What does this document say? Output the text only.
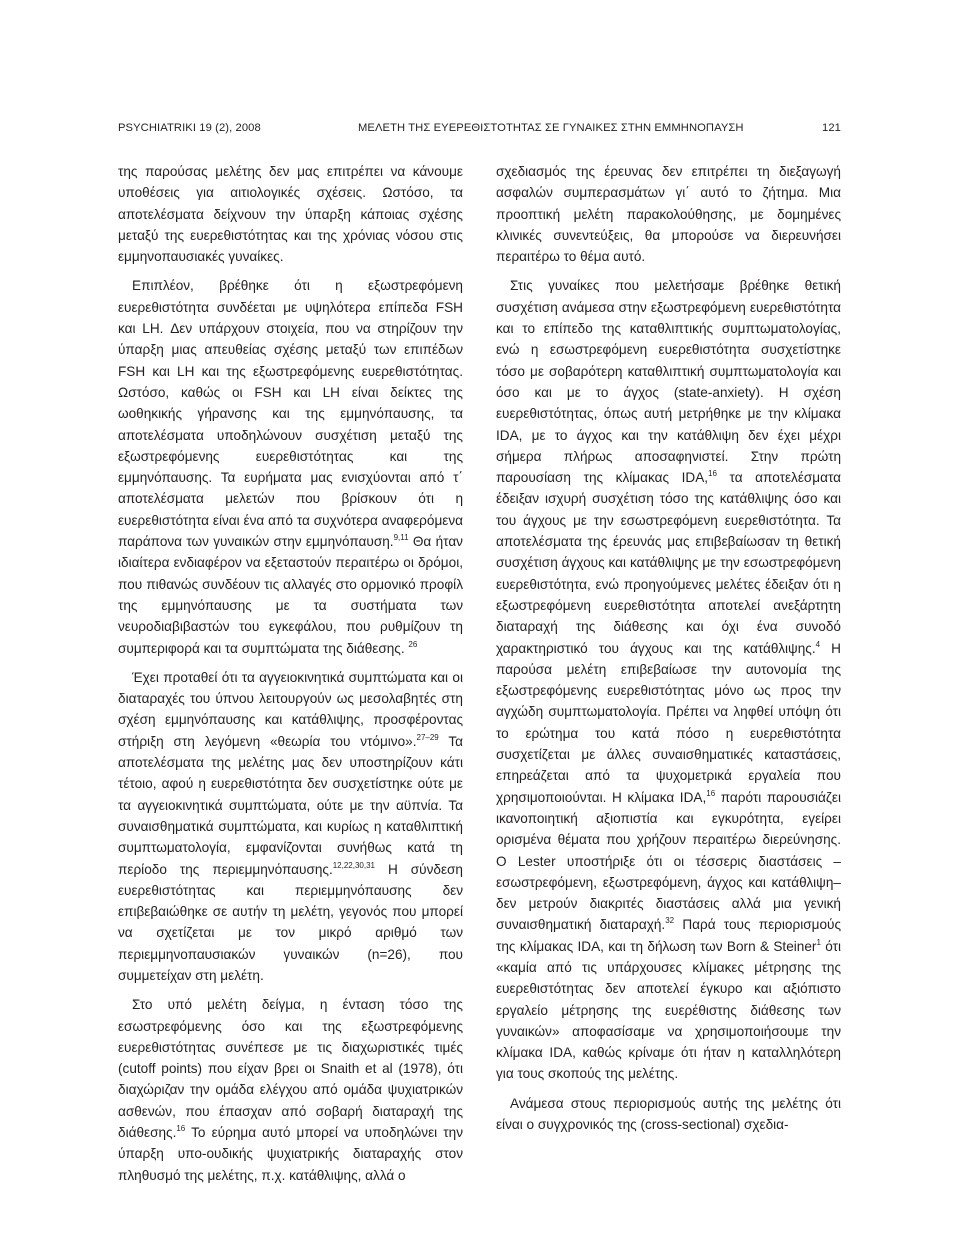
PSYCHIATRIKI 19 (2), 2008	ΜΕΛΕΤΗ ΤΗΣ ΕΥΕΡΕΘΙΣΤΟΤΗΤΑΣ ΣΕ ΓΥΝΑΙΚΕΣ ΣΤΗΝ ΕΜΜΗΝΟΠΑΥΣΗ	121

της παρούσας μελέτης δεν μας επιτρέπει να κάνουμε υποθέσεις για αιτιολογικές σχέσεις. Ωστόσο, τα αποτελέσματα δείχνουν την ύπαρξη κάποιας σχέσης μεταξύ της ευερεθιστότητας και της χρόνιας νόσου στις εμμηνοπαυσιακές γυναίκες.

Επιπλέον, βρέθηκε ότι η εξωστρεφόμενη ευερεθιστότητα συνδέεται με υψηλότερα επίπεδα FSH και LH. Δεν υπάρχουν στοιχεία, που να στηρίζουν την ύπαρξη μιας απευθείας σχέσης μεταξύ των επιπέδων FSH και LH και της εξωστρεφόμενης ευερεθιστότητας. Ωστόσο, καθώς οι FSH και LH είναι δείκτες της ωοθηκικής γήρανσης και της εμμηνόπαυσης, τα αποτελέσματα υποδηλώνουν συσχέτιση μεταξύ της εξωστρεφόμενης ευερεθιστότητας και της εμμηνόπαυσης. Τα ευρήματα μας ενισχύονται από τ΄ αποτελέσματα μελετών που βρίσκουν ότι η ευερεθιστότητα είναι ένα από τα συχνότερα αναφερόμενα παράπονα των γυναικών στην εμμηνόπαυση.$^{9,11}$ Θα ήταν ιδιαίτερα ενδιαφέρον να εξεταστούν περαιτέρω οι δρόμοι, που πιθανώς συνδέουν τις αλλαγές στο ορμονικό προφίλ της εμμηνόπαυσης με τα συστήματα των νευροδιαβιβαστών του εγκεφάλου, που ρυθμίζουν τη συμπεριφορά και τα συμπτώματα της διάθεσης. $^{26}$

Έχει προταθεί ότι τα αγγειοκινητικά συμπτώματα και οι διαταραχές του ύπνου λειτουργούν ως μεσολαβητές στη σχέση εμμηνόπαυσης και κατάθλιψης, προσφέροντας στήριξη στη λεγόμενη «θεωρία του ντόμινο».$^{27-29}$ Τα αποτελέσματα της μελέτης μας δεν υποστηρίζουν κάτι τέτοιο, αφού η ευερεθιστότητα δεν συσχετίστηκε ούτε με τα αγγειοκινητικά συμπτώματα, ούτε με την αϋπνία. Τα συναισθηματικά συμπτώματα, και κυρίως η καταθλιπτική συμπτωματολογία, εμφανίζονται συνήθως κατά τη περίοδο της περιεμμηνόπαυσης.$^{12,22,30,31}$ Η σύνδεση ευερεθιστότητας και περιεμμηνόπαυσης δεν επιβεβαιώθηκε σε αυτήν τη μελέτη, γεγονός που μπορεί να σχετίζεται με τον μικρό αριθμό των περιεμμηνοπαυσιακών γυναικών (n=26), που συμμετείχαν στη μελέτη.

Στο υπό μελέτη δείγμα, η ένταση τόσο της εσωστρεφόμενης όσο και της εξωστρεφόμενης ευερεθιστότητας συνέπεσε με τις διαχωριστικές τιμές (cutoff points) που είχαν βρει οι Snaith et al (1978), ότι διαχώριζαν την ομάδα ελέγχου από ομάδα ψυχιατρικών ασθενών, που έπασχαν από σοβαρή διαταραχή της διάθεσης.$^{16}$ Το εύρημα αυτό μπορεί να υποδηλώνει την ύπαρξη υπο-ουδικής ψυχιατρικής διαταραχής στον πληθυσμό της μελέτης, π.χ. κατάθλιψης, αλλά ο

σχεδιασμός της έρευνας δεν επιτρέπει τη διεξαγωγή ασφαλών συμπερασμάτων γι΄ αυτό το ζήτημα. Μια προοπτική μελέτη παρακολούθησης, με δομημένες κλινικές συνεντεύξεις, θα μπορούσε να διερευνήσει περαιτέρω το θέμα αυτό.

Στις γυναίκες που μελετήσαμε βρέθηκε θετική συσχέτιση ανάμεσα στην εξωστρεφόμενη ευερεθιστότητα και το επίπεδο της καταθλιπτικής συμπτωματολογίας, ενώ η εσωστρεφόμενη ευερεθιστότητα συσχετίστηκε τόσο με σοβαρότερη καταθλιπτική συμπτωματολογία και όσο και με το άγχος (state-anxiety). Η σχέση ευερεθιστότητας, όπως αυτή μετρήθηκε με την κλίμακα IDA, με το άγχος και την κατάθλιψη δεν έχει μέχρι σήμερα πλήρως αποσαφηνιστεί. Στην πρώτη παρουσίαση της κλίμακας IDA,$^{16}$ τα αποτελέσματα έδειξαν ισχυρή συσχέτιση τόσο της κατάθλιψης όσο και του άγχους με την εσωστρεφόμενη ευερεθιστότητα. Τα αποτελέσματα της έρευνάς μας επιβεβαίωσαν τη θετική συσχέτιση άγχους και κατάθλιψης με την εσωστρεφόμενη ευερεθιστότητα, ενώ προηγούμενες μελέτες έδειξαν ότι η εξωστρεφόμενη ευερεθιστότητα αποτελεί ανεξάρτητη διαταραχή της διάθεσης και όχι ένα συνοδό χαρακτηριστικό του άγχους και της κατάθλιψης.$^4$ Η παρούσα μελέτη επιβεβαίωσε την αυτονομία της εξωστρεφόμενης ευερεθιστότητας μόνο ως προς την αγχώδη συμπτωματολογία. Πρέπει να ληφθεί υπόψη ότι το ερώτημα του κατά πόσο η ευερεθιστότητα συσχετίζεται με άλλες συναισθηματικές καταστάσεις, επηρεάζεται από τα ψυχομετρικά εργαλεία που χρησιμοποιούνται. Η κλίμακα IDA,$^{16}$ παρότι παρουσιάζει ικανοποιητική αξιοπιστία και εγκυρότητα, εγείρει ορισμένα θέματα που χρήζουν περαιτέρω διερεύνησης. Ο Lester υποστήριξε ότι οι τέσσερις διαστάσεις –εσωστρεφόμενη, εξωστρεφόμενη, άγχος και κατάθλιψη– δεν μετρούν διακριτές διαστάσεις αλλά μια γενική συναισθηματική διαταραχή.$^{32}$ Παρά τους περιορισμούς της κλίμακας IDA, και τη δήλωση των Born & Steiner$^1$ ότι «καμία από τις υπάρχουσες κλίμακες μέτρησης της ευερεθιστότητας δεν αποτελεί έγκυρο και αξιόπιστο εργαλείο μέτρησης της ευερέθιστης διάθεσης των γυναικών» αποφασίσαμε να χρησιμοποιήσουμε την κλίμακα IDA, καθώς κρίναμε ότι ήταν η καταλληλότερη για τους σκοπούς της μελέτης.

Ανάμεσα στους περιορισμούς αυτής της μελέτης ότι είναι ο συγχρονικός της (cross-sectional) σχεδια-
